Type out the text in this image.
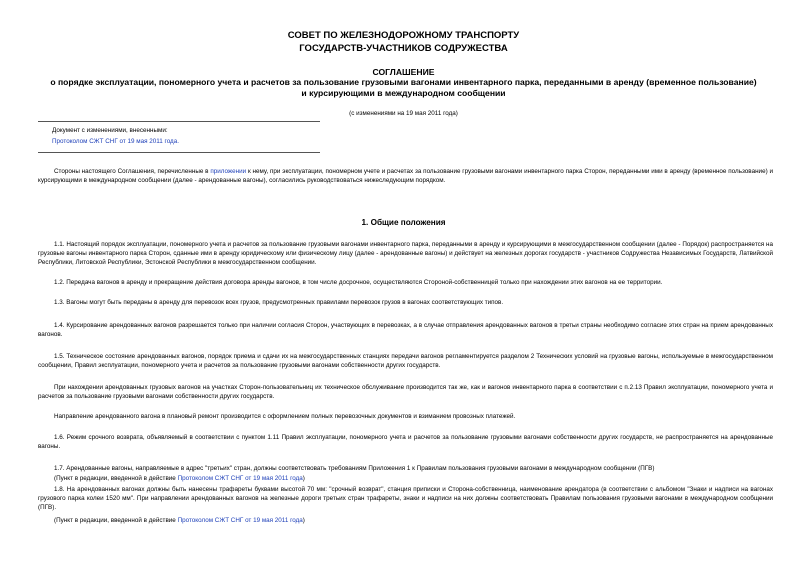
СОВЕТ ПО ЖЕЛЕЗНОДОРОЖНОМУ ТРАНСПОРТУ
ГОСУДАРСТВ-УЧАСТНИКОВ СОДРУЖЕСТВА
СОГЛАШЕНИЕ
о порядке эксплуатации, пономерного учета и расчетов за пользование грузовыми вагонами инвентарного парка, переданными в аренду (временное пользование)
и курсирующими в международном сообщении
(с изменениями на 19 мая 2011 года)
Документ с изменениями, внесенными:
Протоколом СЖТ СНГ от 19 мая 2011 года.
Стороны настоящего Соглашения, перечисленные в приложении к нему, при эксплуатации, пономерном учете и расчетах за пользование грузовыми вагонами инвентарного парка Сторон, переданными ими в аренду (временное пользование) и курсирующими в международном сообщении (далее - арендованные вагоны), согласились руководствоваться нижеследующим порядком.
1. Общие положения
1.1. Настоящий порядок эксплуатации, пономерного учета и расчетов за пользование грузовыми вагонами инвентарного парка, переданными в аренду и курсирующими в межгосударственном сообщении (далее - Порядок) распространяется на грузовые вагоны инвентарного парка Сторон, сданные ими в аренду юридическому или физическому лицу (далее - арендованные вагоны) и действует на железных дорогах государств - участников Содружества Независимых Государств, Латвийской Республики, Литовской Республики, Эстонской Республики в межгосударственном сообщении.
1.2. Передача вагонов в аренду и прекращение действия договора аренды вагонов, в том числе досрочное, осуществляются Стороной-собственницей только при нахождении этих вагонов на ее территории.
1.3. Вагоны могут быть переданы в аренду для перевозок всех грузов, предусмотренных правилами перевозок грузов в вагонах соответствующих типов.
1.4. Курсирование арендованных вагонов разрешается только при наличии согласия Сторон, участвующих в перевозках, а в случае отправления арендованных вагонов в третьи страны необходимо согласие этих стран на прием арендованных вагонов.
1.5. Техническое состояние арендованных вагонов, порядок приема и сдачи их на межгосударственных станциях передачи вагонов регламентируется разделом 2 Технических условий на грузовые вагоны, используемые в межгосударственном сообщении, Правил эксплуатации, пономерного учета и расчетов за пользование грузовыми вагонами собственности других государств.
При нахождении арендованных грузовых вагонов на участках Сторон-пользовательниц их техническое обслуживание производится так же, как и вагонов инвентарного парка в соответствии с п.2.13 Правил эксплуатации, пономерного учета и расчетов за пользование грузовыми вагонами собственности других государств.
Направление арендованного вагона в плановый ремонт производится с оформлением полных перевозочных документов и взиманием провозных платежей.
1.6. Режим срочного возврата, объявляемый в соответствии с пунктом 1.11 Правил эксплуатации, пономерного учета и расчетов за пользование грузовыми вагонами собственности других государств, не распространяется на арендованные вагоны.
1.7. Арендованные вагоны, направляемые в адрес "третьих" стран, должны соответствовать требованиям Приложения 1 к Правилам пользования грузовыми вагонами в международном сообщении (ПГВ)
(Пункт в редакции, введенной в действие Протоколом СЖТ СНГ от 19 мая 2011 года)
1.8. На арендованных вагонах должны быть нанесены трафареты буквами высотой 70 мм: "срочный возврат", станция приписки и Сторона-собственница, наименование арендатора (в соответствии с альбомом "Знаки и надписи на вагонах грузового парка колеи 1520 мм". При направлении арендованных вагонов на железные дороги третьих стран трафареты, знаки и надписи на них должны соответствовать Правилам пользования грузовыми вагонами в международном сообщении (ПГВ).
(Пункт в редакции, введенной в действие Протоколом СЖТ СНГ от 19 мая 2011 года)
